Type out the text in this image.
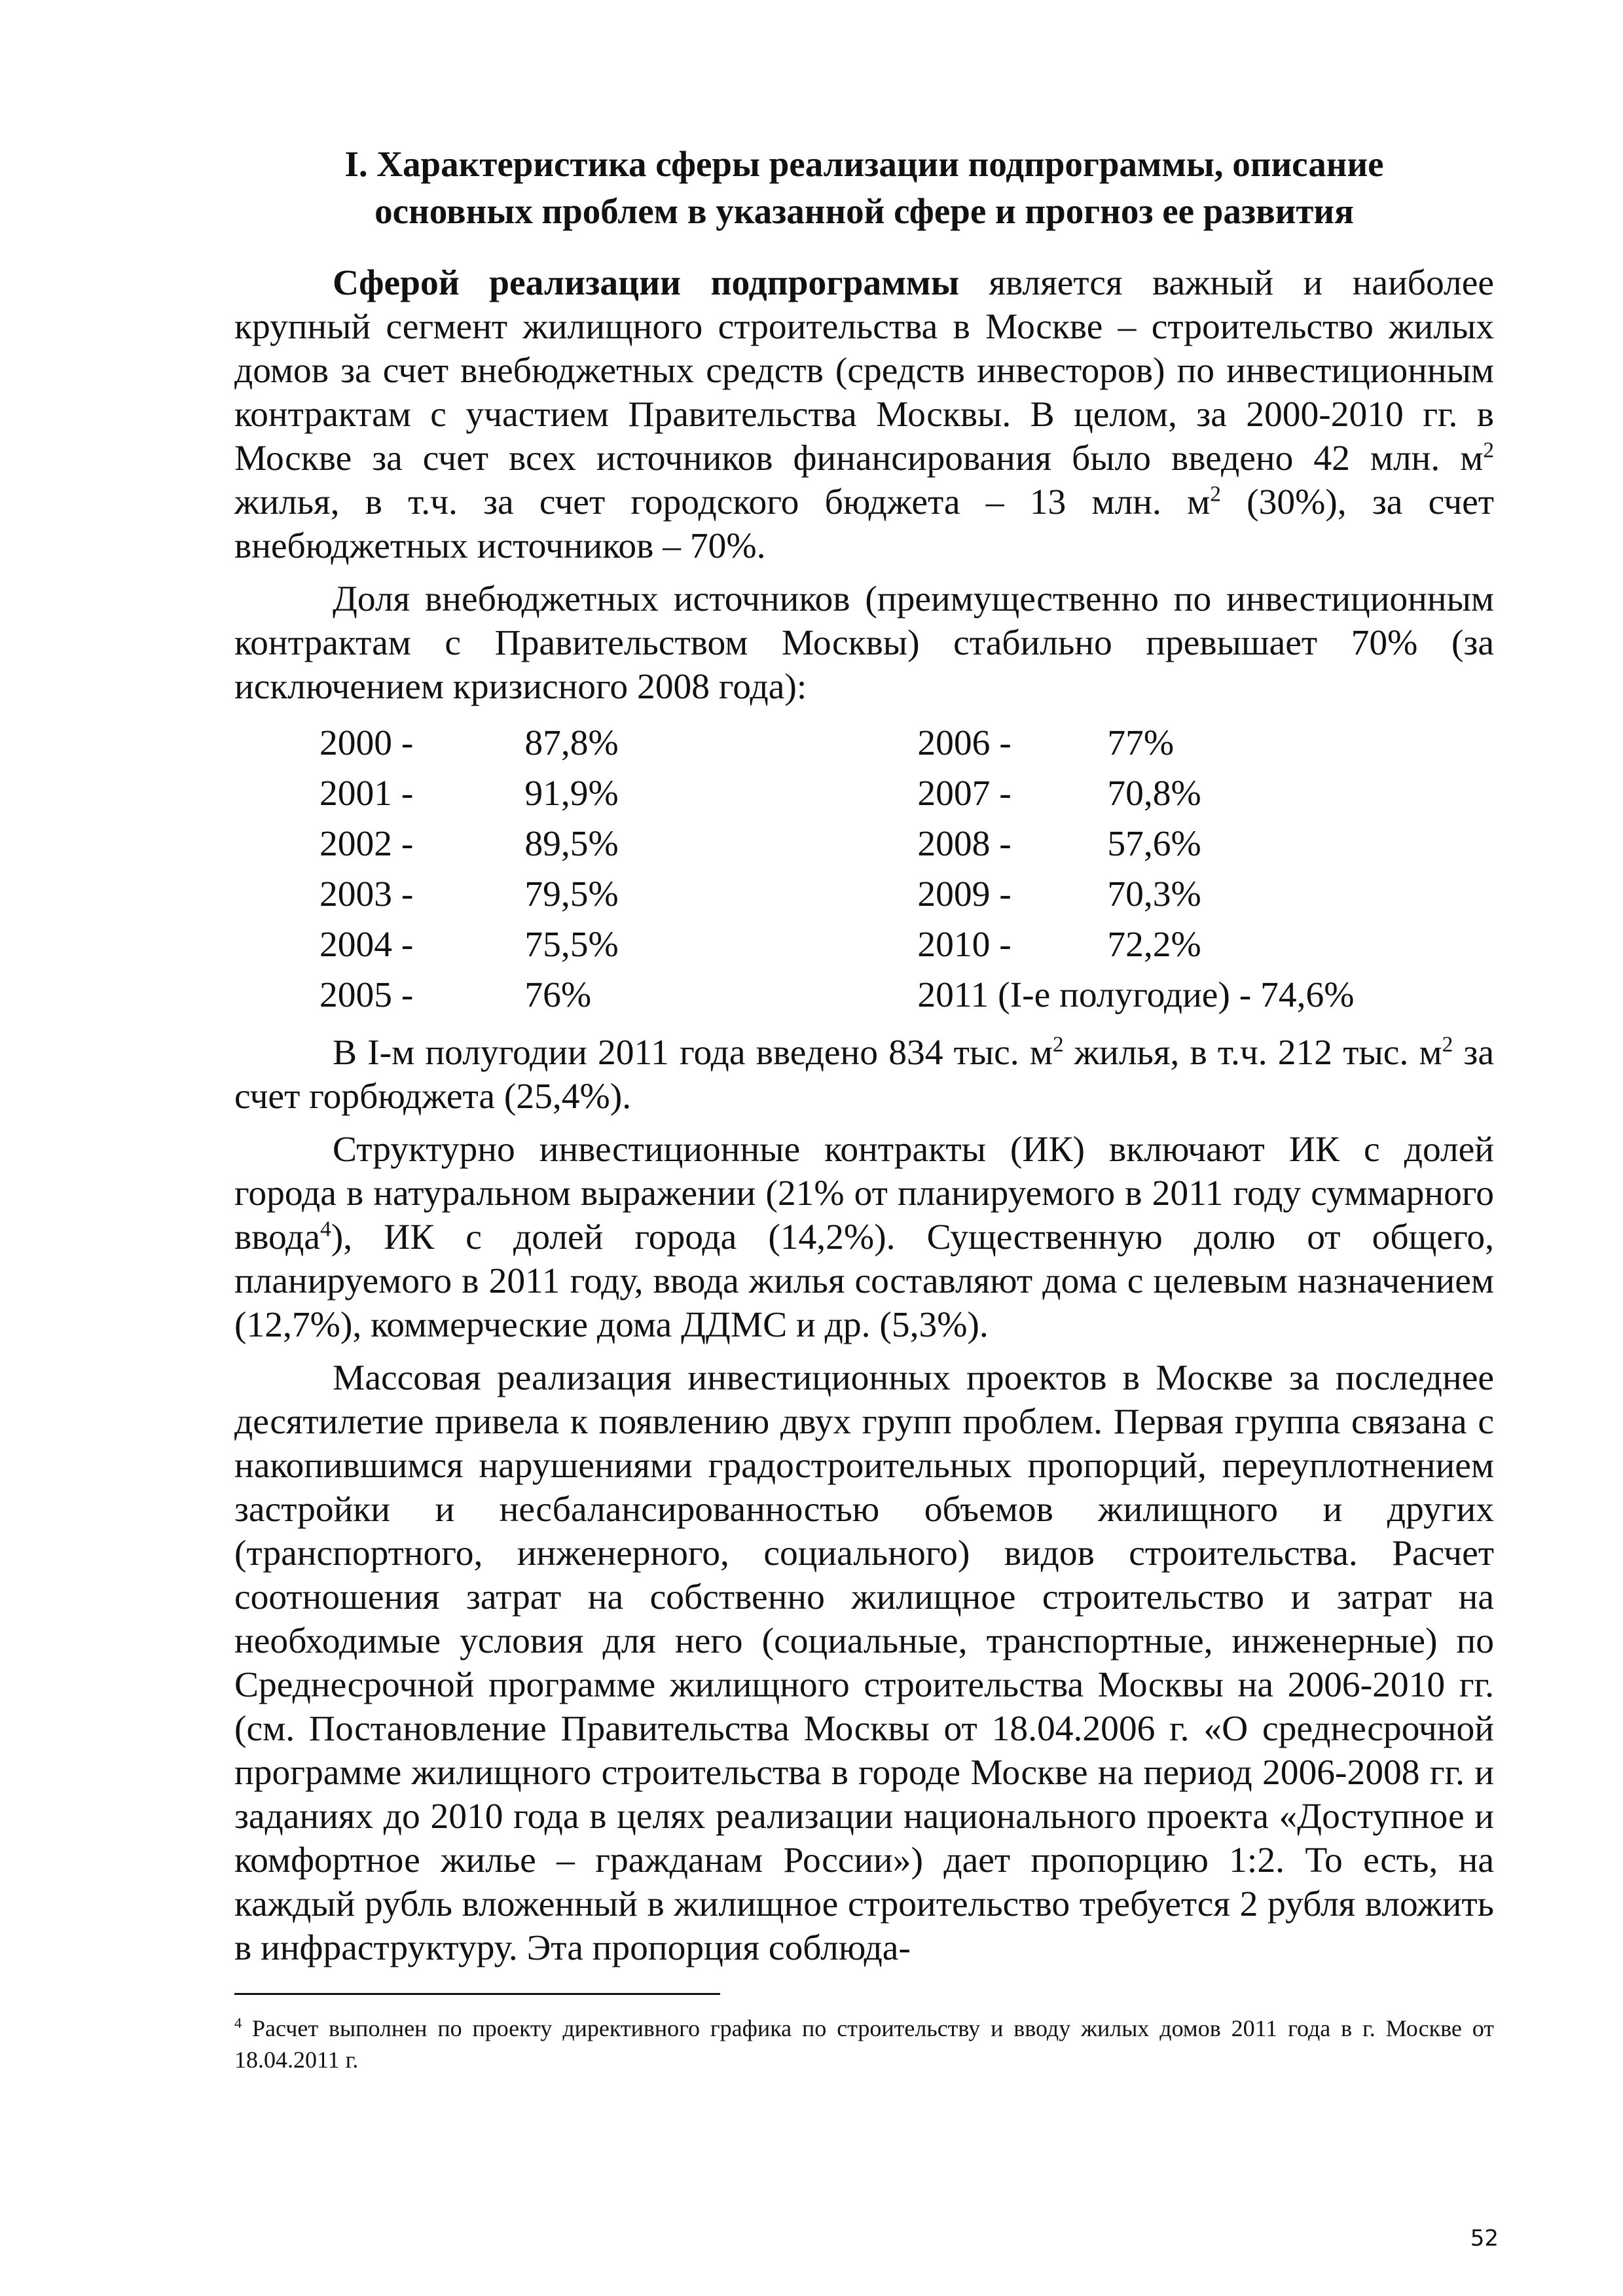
I. Характеристика сферы реализации подпрограммы, описание
основных проблем в указанной сфере и прогноз ее развития

Сферой реализации подпрограммы является важный и наиболее крупный сегмент жилищного строительства в Москве – строительство жилых домов за счет внебюджетных средств (средств инвесторов) по инвестиционным контрактам с участием Правительства Москвы. В целом, за 2000-2010 гг. в Москве за счет всех источников финансирования было введено 42 млн. $м^2$ жилья, в т.ч. за счет городского бюджета – 13 млн. $м^2$ (30%), за счет внебюджетных источников – 70%.

Доля внебюджетных источников (преимущественно по инвестиционным контрактам с Правительством Москвы) стабильно превышает 70% (за исключением кризисного 2008 года):

2000 -	87,8%	2006 -	77%
2001 -	91,9%	2007 -	70,8%
2002 -	89,5%	2008 -	57,6%
2003 -	79,5%	2009 -	70,3%
2004 -	75,5%	2010 -	72,2%
2005 -	76%	2011 (I-е полугодие) - 74,6%	

В I-м полугодии 2011 года введено 834 тыс. $м^2$ жилья, в т.ч. 212 тыс. $м^2$ за счет горбюджета (25,4%).

Структурно инвестиционные контракты (ИК) включают ИК с долей города в натуральном выражении (21% от планируемого в 2011 году суммарного ввода$^4$), ИК с долей города (14,2%). Существенную долю от общего, планируемого в 2011 году, ввода жилья составляют дома с целевым назначением (12,7%), коммерческие дома ДДМС и др. (5,3%).

Массовая реализация инвестиционных проектов в Москве за последнее десятилетие привела к появлению двух групп проблем. Первая группа связана с накопившимся нарушениями градостроительных пропорций, переуплотнением застройки и несбалансированностью объемов жилищного и других (транспортного, инженерного, социального) видов строительства. Расчет соотношения затрат на собственно жилищное строительство и затрат на необходимые условия для него (социальные, транспортные, инженерные) по Среднесрочной программе жилищного строительства Москвы на 2006-2010 гг. (см. Постановление Правительства Москвы от 18.04.2006 г. «О среднесрочной программе жилищного строительства в городе Москве на период 2006-2008 гг. и заданиях до 2010 года в целях реализации национального проекта «Доступное и комфортное жилье – гражданам России») дает пропорцию 1:2. То есть, на каждый рубль вложенный в жилищное строительство требуется 2 рубля вложить в инфраструктуру. Эта пропорция соблюда-

$^4$ Расчет выполнен по проекту директивного графика по строительству и вводу жилых домов 2011 года в г. Москве от 18.04.2011 г.
52
